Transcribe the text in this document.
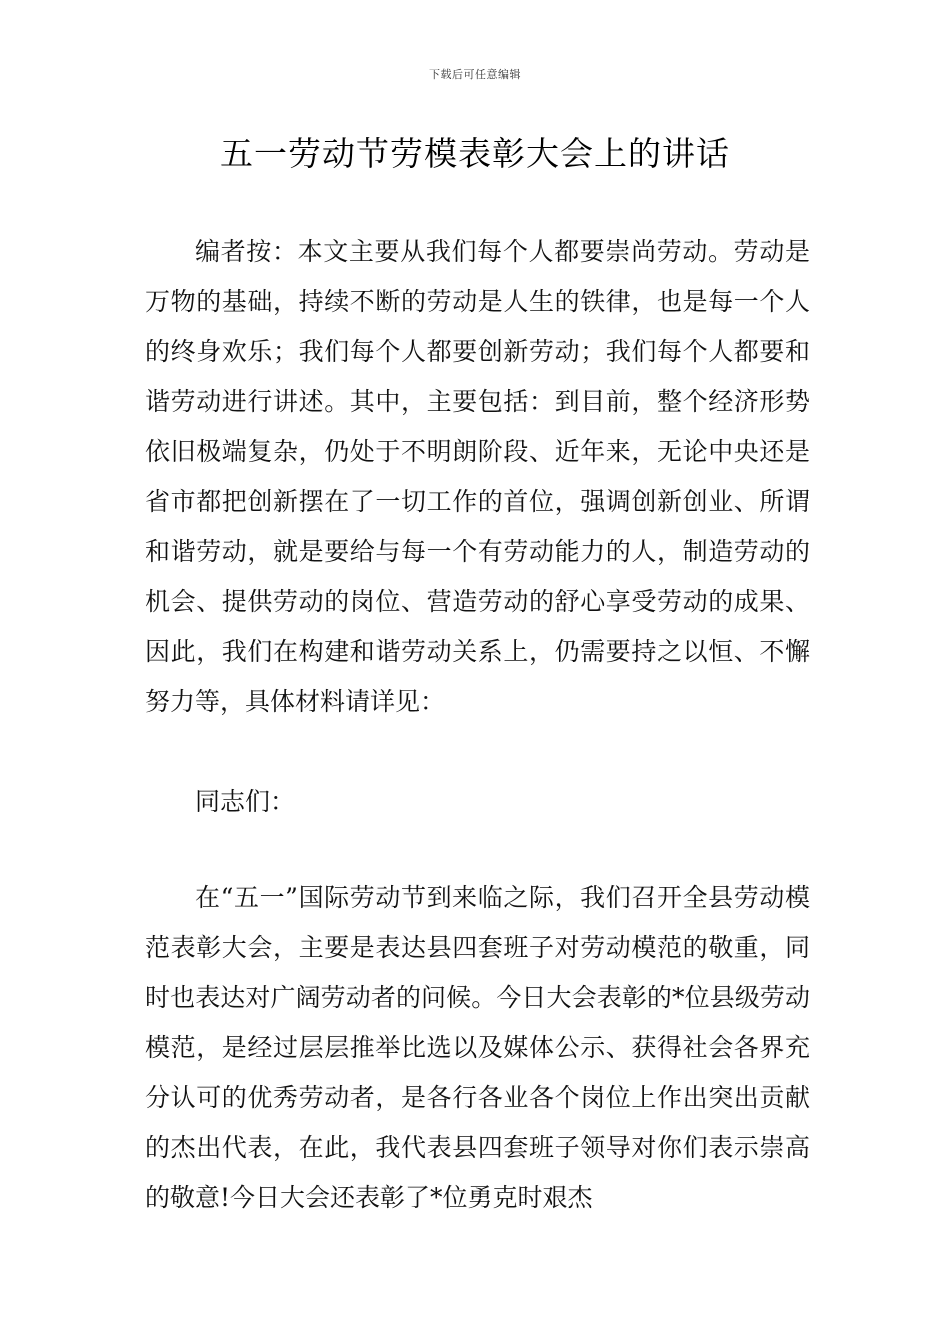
下载后可任意编辑
五一劳动节劳模表彰大会上的讲话

编者按：本文主要从我们每个人都要崇尚劳动。劳动是万物的基础，持续不断的劳动是人生的铁律，也是每一个人的终身欢乐；我们每个人都要创新劳动；我们每个人都要和谐劳动进行讲述。其中，主要包括：到目前，整个经济形势依旧极端复杂，仍处于不明朗阶段、近年来，无论中央还是省市都把创新摆在了一切工作的首位，强调创新创业、所谓和谐劳动，就是要给与每一个有劳动能力的人，制造劳动的机会、提供劳动的岗位、营造劳动的舒心享受劳动的成果、因此，我们在构建和谐劳动关系上，仍需要持之以恒、不懈努力等，具体材料请详见：

同志们：

在“五一”国际劳动节到来临之际，我们召开全县劳动模范表彰大会，主要是表达县四套班子对劳动模范的敬重，同时也表达对广阔劳动者的问候。今日大会表彰的*位县级劳动模范，是经过层层推举比选以及媒体公示、获得社会各界充分认可的优秀劳动者，是各行各业各个岗位上作出突出贡献的杰出代表，在此，我代表县四套班子领导对你们表示崇高的敬意!今日大会还表彰了*位勇克时艰杰
